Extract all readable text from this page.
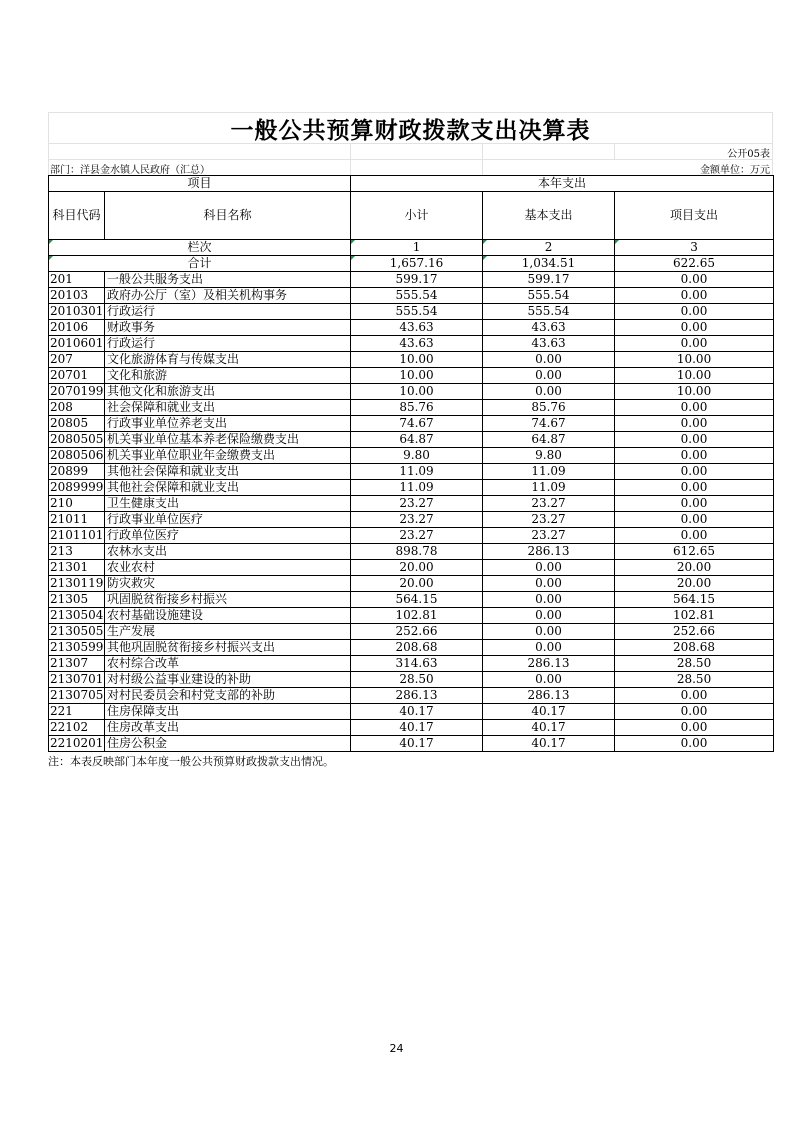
一般公共预算财政拨款支出决算表
公开05表
部门：洋县金水镇人民政府（汇总）	金额单位：万元
项目		本年支出		
科目代码	科目名称	小计	基本支出	项目支出
栏次		1	2	3
合计		1,657.16	1,034.51	622.65
201	一般公共服务支出	599.17	599.17	0.00
20103	政府办公厅（室）及相关机构事务	555.54	555.54	0.00
2010301	行政运行	555.54	555.54	0.00
20106	财政事务	43.63	43.63	0.00
2010601	行政运行	43.63	43.63	0.00
207	文化旅游体育与传媒支出	10.00	0.00	10.00
20701	文化和旅游	10.00	0.00	10.00
2070199	其他文化和旅游支出	10.00	0.00	10.00
208	社会保障和就业支出	85.76	85.76	0.00
20805	行政事业单位养老支出	74.67	74.67	0.00
2080505	机关事业单位基本养老保险缴费支出	64.87	64.87	0.00
2080506	机关事业单位职业年金缴费支出	9.80	9.80	0.00
20899	其他社会保障和就业支出	11.09	11.09	0.00
2089999	其他社会保障和就业支出	11.09	11.09	0.00
210	卫生健康支出	23.27	23.27	0.00
21011	行政事业单位医疗	23.27	23.27	0.00
2101101	行政单位医疗	23.27	23.27	0.00
213	农林水支出	898.78	286.13	612.65
21301	农业农村	20.00	0.00	20.00
2130119	防灾救灾	20.00	0.00	20.00
21305	巩固脱贫衔接乡村振兴	564.15	0.00	564.15
2130504	农村基础设施建设	102.81	0.00	102.81
2130505	生产发展	252.66	0.00	252.66
2130599	其他巩固脱贫衔接乡村振兴支出	208.68	0.00	208.68
21307	农村综合改革	314.63	286.13	28.50
2130701	对村级公益事业建设的补助	28.50	0.00	28.50
2130705	对村民委员会和村党支部的补助	286.13	286.13	0.00
221	住房保障支出	40.17	40.17	0.00
22102	住房改革支出	40.17	40.17	0.00
2210201	住房公积金	40.17	40.17	0.00
注：本表反映部门本年度一般公共预算财政拨款支出情况。
24
